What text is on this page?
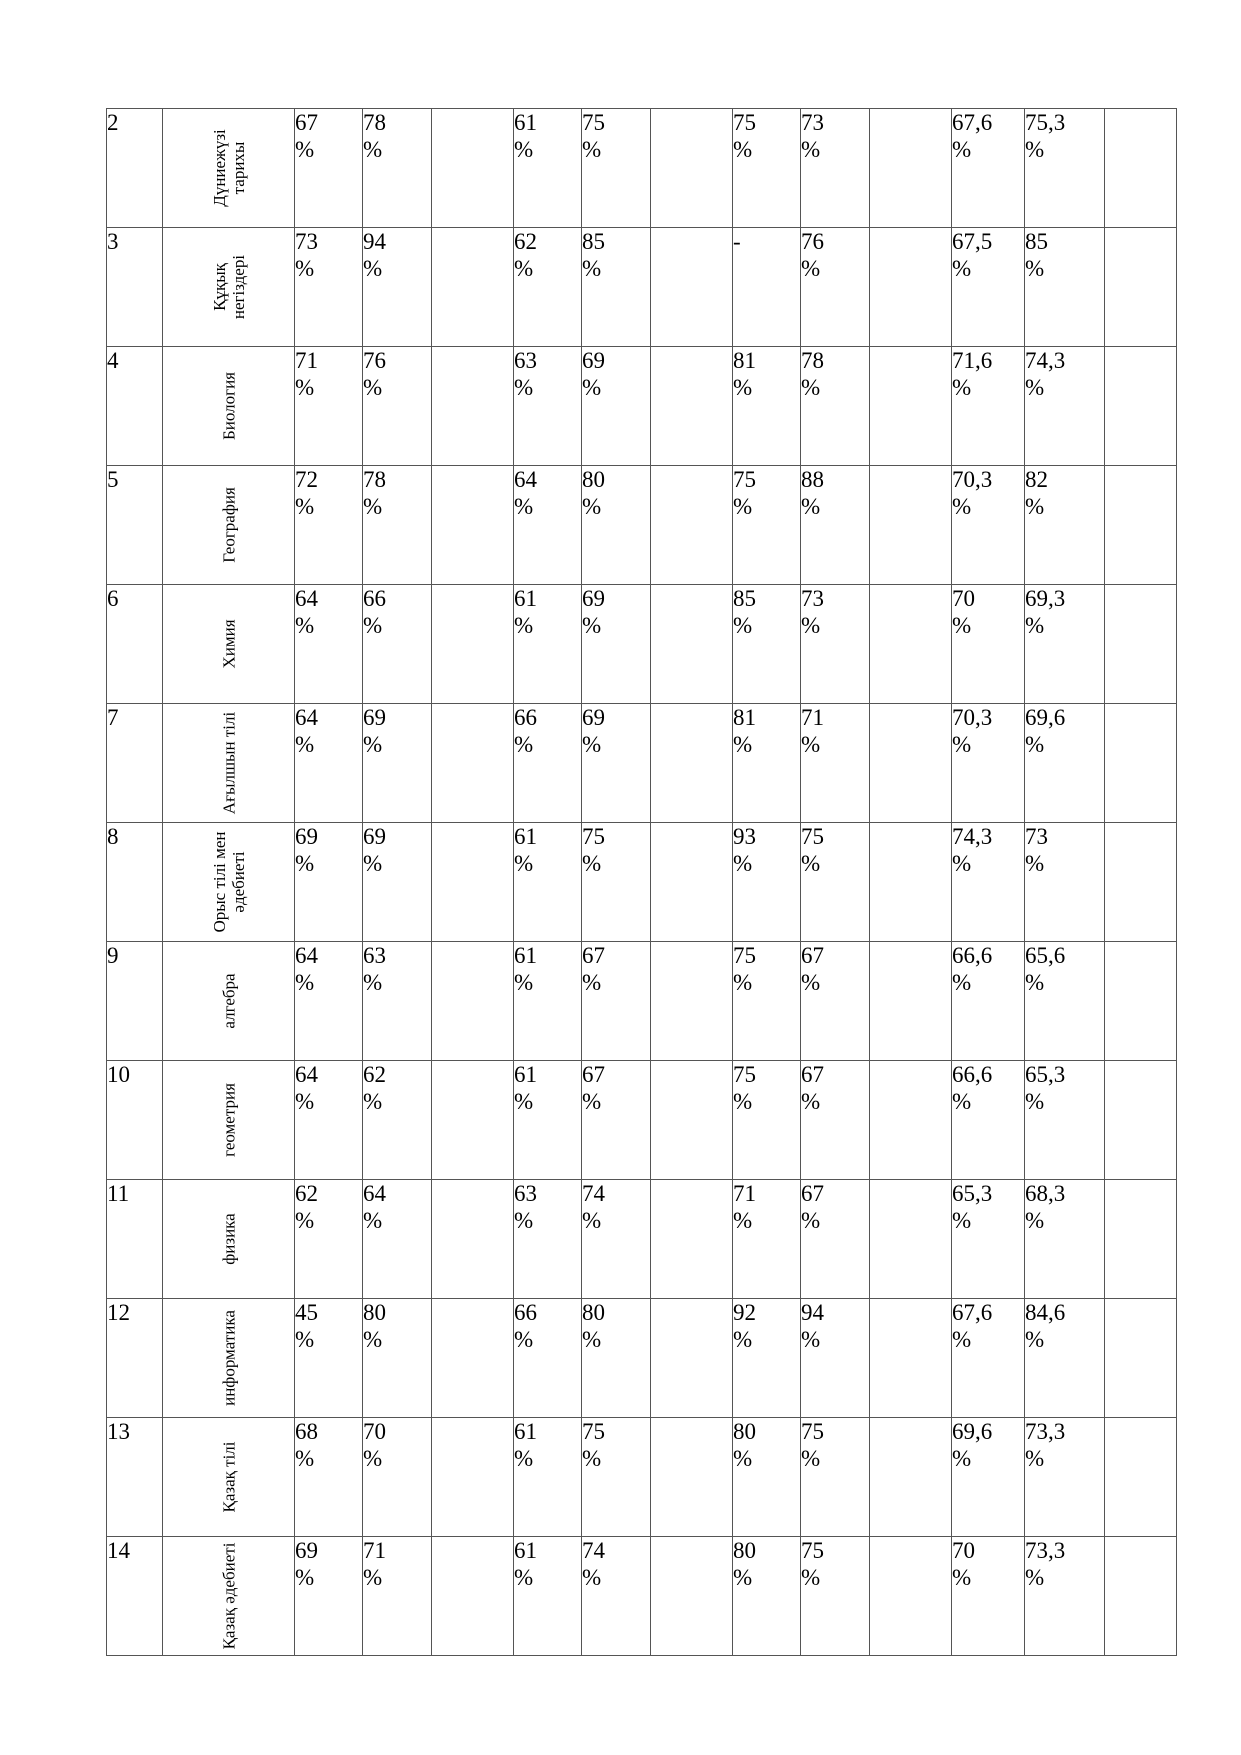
2	Дүниежүзі тарихы	67 %	78%		61 %	75%		75 %	73 %		67,6 %	75,3 %	

3	Құқық негіздері	73 %	94 %		62 %	85 %		-	76 %		67,5 %	85 %	

4	Биология	71 %	76 %		63 %	69 %		81 %	78 %		71,6 %	74,3 %	

5	География	72%	78 %		64 %	80 %		75 %	88 %		70,3 %	82 %	

6	Химия	64 %	66 %		61 %	69 %		85 %	73 %		70 %	69,3 %	

7	Ағылшын тілі	64 %	69 %		66 %	69 %		81 %	71 %		70,3 %	69,6 %	

8	Орыс тілі мен әдебиеті	69 %	69 %		61 %	75 %		93 %	75 %		74,3 %	73 %	

9	алгебра	64 %	63 %		61 %	67 %		75 %	67 %		66,6 %	65,6 %	

10	геометрия	64 %	62 %		61 %	67 %		75 %	67 %		66,6 %	65,3 %	

11	физика	62 %	64 %		63 %	74 %		71 %	67 %		65,3 %	68,3 %	

12	информатика	45 %	80 %		66 %	80 %		92 %	94 %		67,6 %	84,6 %	

13	Қазақ тілі	68 %	70 %		61 %	75 %		80 %	75 %		69,6 %	73,3 %	

14	Қазақ әдебиеті	69%	71 %		61 %	74 %		80 %	75 %		70%	73,3 %	
